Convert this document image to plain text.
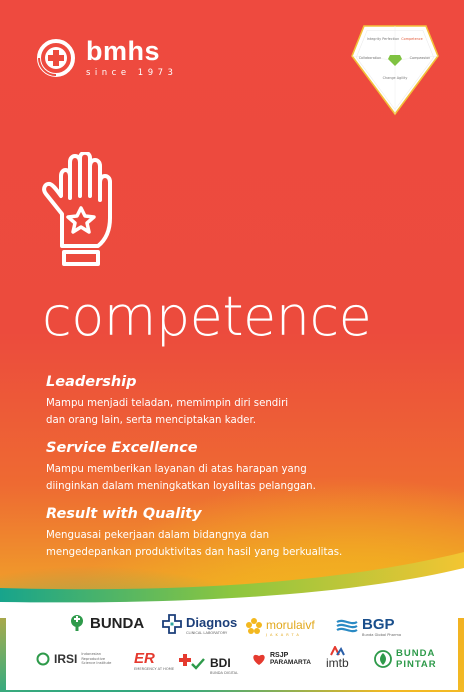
bmhs
since 1973
Integrity Perfection Competence
Collaboration	Compassion
Change Agility
competence
Leadership

Mampu menjadi teladan, memimpin diri sendiri
dan orang lain, serta menciptakan kader.

Service Excellence

Mampu memberikan layanan di atas harapan yang
diinginkan dalam meningkatkan loyalitas pelanggan.

Result with Quality

Menguasai pekerjaan dalam bidangnya dan
mengedepankan produktivitas dan hasil yang berkualitas.

BUNDA	Diagnos
CLINICAL LABORATORY
morulaivf
JAKARTA
BGP
Bunda Global Pharma
IRSI Indonesian Reproductive Science Institute	ER
EMERGENCY AT HOME	BDI
BUNDA DIGITAL
RSJP
PARAMARTA imtb
BUNDA
PINTAR
